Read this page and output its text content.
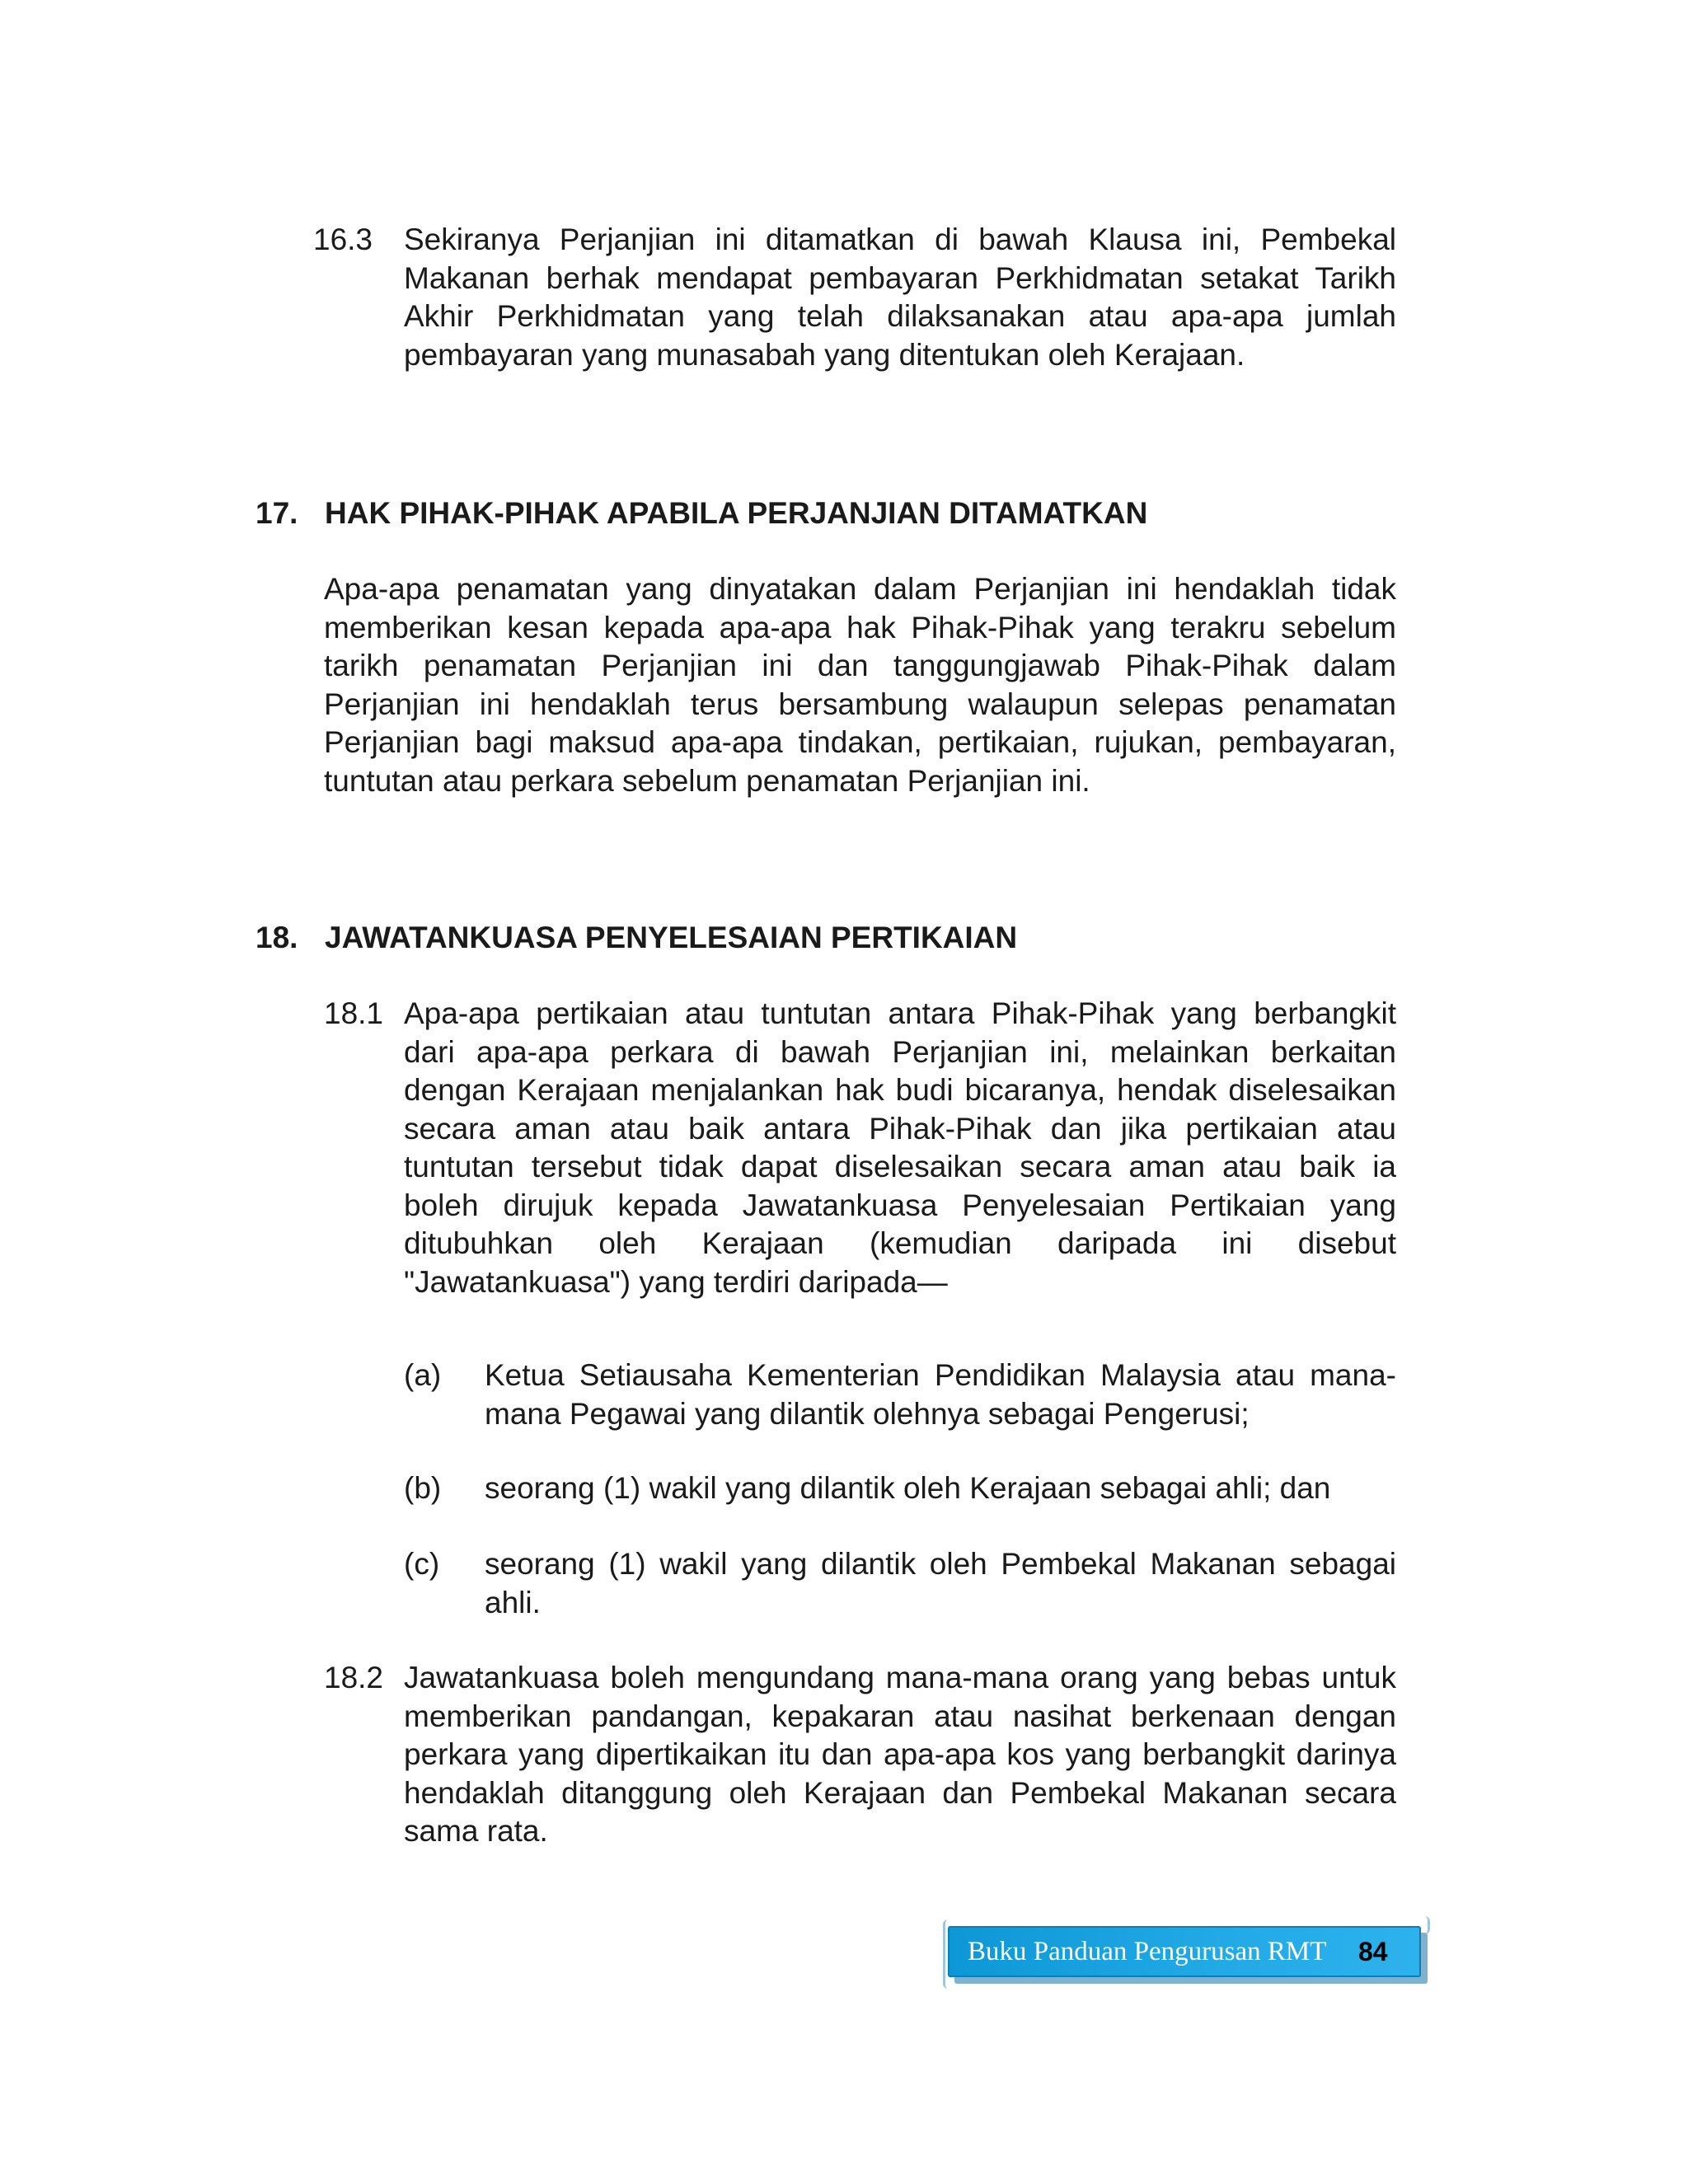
16.3 Sekiranya Perjanjian ini ditamatkan di bawah Klausa ini, Pembekal Makanan berhak mendapat pembayaran Perkhidmatan setakat Tarikh Akhir Perkhidmatan yang telah dilaksanakan atau apa-apa jumlah pembayaran yang munasabah yang ditentukan oleh Kerajaan.

17. HAK PIHAK-PIHAK APABILA PERJANJIAN DITAMATKAN

Apa-apa penamatan yang dinyatakan dalam Perjanjian ini hendaklah tidak memberikan kesan kepada apa-apa hak Pihak-Pihak yang terakru sebelum tarikh penamatan Perjanjian ini dan tanggungjawab Pihak-Pihak dalam Perjanjian ini hendaklah terus bersambung walaupun selepas penamatan Perjanjian bagi maksud apa-apa tindakan, pertikaian, rujukan, pembayaran, tuntutan atau perkara sebelum penamatan Perjanjian ini.

18. JAWATANKUASA PENYELESAIAN PERTIKAIAN
18.1 Apa-apa pertikaian atau tuntutan antara Pihak-Pihak yang berbangkit dari apa-apa perkara di bawah Perjanjian ini, melainkan berkaitan dengan Kerajaan menjalankan hak budi bicaranya, hendak diselesaikan secara aman atau baik antara Pihak-Pihak dan jika pertikaian atau tuntutan tersebut tidak dapat diselesaikan secara aman atau baik ia boleh dirujuk kepada Jawatankuasa Penyelesaian Pertikaian yang ditubuhkan oleh Kerajaan (kemudian daripada ini disebut "Jawatankuasa") yang terdiri daripada—

(a) Ketua Setiausaha Kementerian Pendidikan Malaysia atau mana-mana Pegawai yang dilantik olehnya sebagai Pengerusi;

(b) seorang (1) wakil yang dilantik oleh Kerajaan sebagai ahli; dan

(c) seorang (1) wakil yang dilantik oleh Pembekal Makanan sebagai ahli.

18.2 Jawatankuasa boleh mengundang mana-mana orang yang bebas untuk memberikan pandangan, kepakaran atau nasihat berkenaan dengan perkara yang dipertikaikan itu dan apa-apa kos yang berbangkit darinya hendaklah ditanggung oleh Kerajaan dan Pembekal Makanan secara sama rata.

Buku Panduan Pengurusan RMT 84
